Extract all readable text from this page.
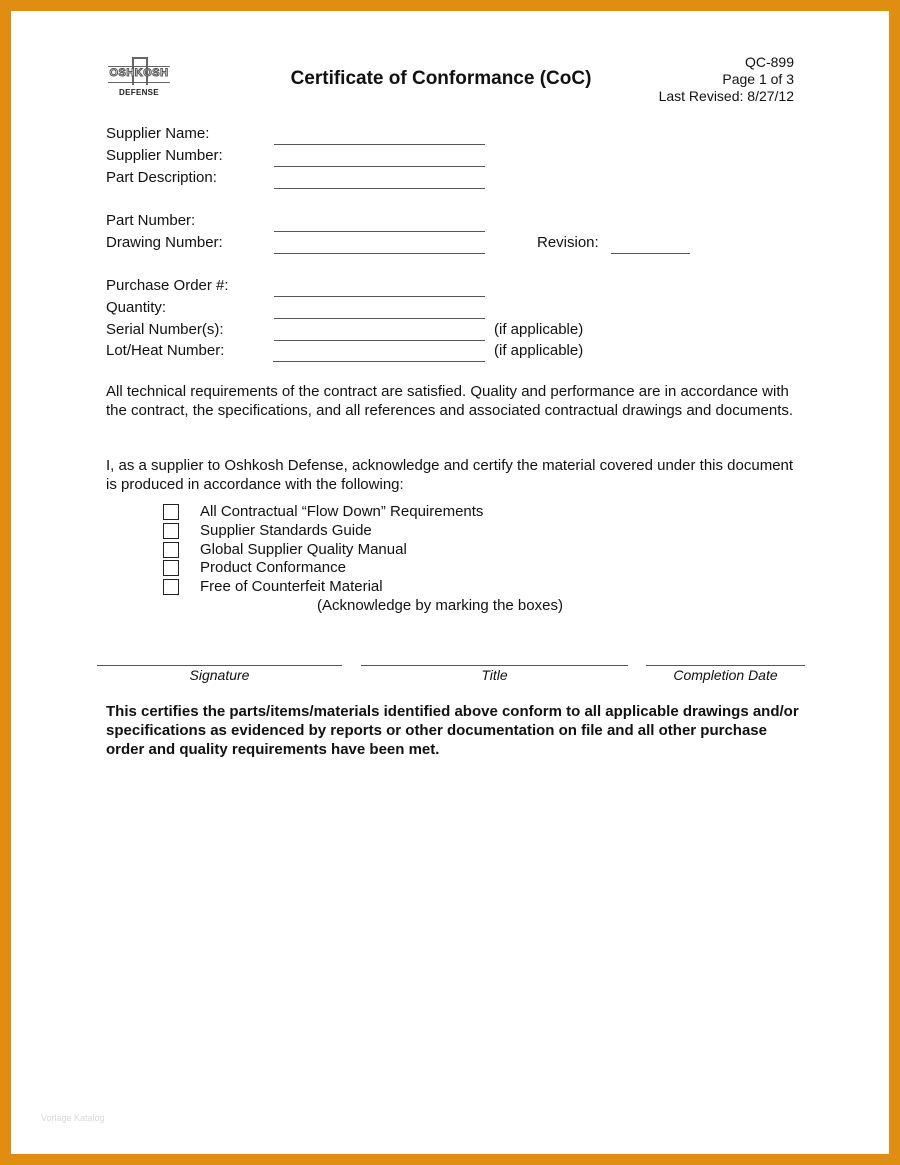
OSHKOSH
DEFENSE
Certificate of Conformance (CoC)
QC-899
Page 1 of 3
Last Revised: 8/27/12
Supplier Name:
Supplier Number:
Part Description:
Part Number:
Drawing Number:	Revision:
Purchase Order #:
Quantity:
Serial Number(s):	(if applicable)
Lot/Heat Number:	(if applicable)
All technical requirements of the contract are satisfied. Quality and performance are in accordance with the contract, the specifications, and all references and associated contractual drawings and documents.
I, as a supplier to Oshkosh Defense, acknowledge and certify the material covered under this document is produced in accordance with the following:
All Contractual “Flow Down” Requirements
Supplier Standards Guide
Global Supplier Quality Manual
Product Conformance
Free of Counterfeit Material
(Acknowledge by marking the boxes)
Signature	Title	Completion Date
This certifies the parts/items/materials identified above conform to all applicable drawings and/or specifications as evidenced by reports or other documentation on file and all other purchase order and quality requirements have been met.
Vorlage Katalog
